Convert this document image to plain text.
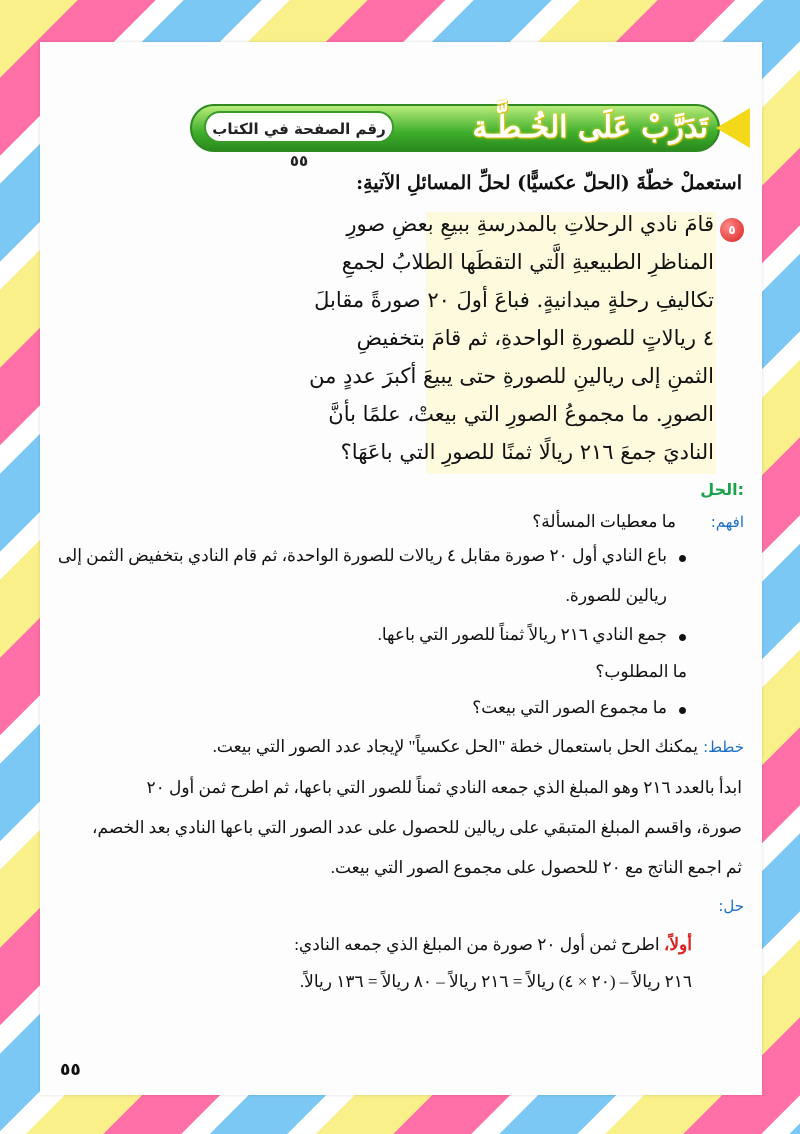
تَدَرَّبْ عَلَى الخُـطَّـة
رقم الصفحة في الكتاب ٥٥
استعملْ خطّةَ (الحلّ عكسيًّا) لحلِّ المسائلِ الآتيةِ:
٥
قامَ نادي الرحلاتِ بالمدرسةِ ببيعِ بعضِ صورِ
المناظرِ الطبيعيةِ الَّتي التقطَها الطلابُ لجمعِ
تكاليفِ رحلةٍ ميدانيةٍ. فباعَ أولَ ٢٠ صورةً مقابلَ
٤ ريالاتٍ للصورةِ الواحدةِ، ثم قامَ بتخفيضِ
الثمنِ إلى ريالينِ للصورةِ حتى يبيعَ أكبرَ عددٍ من
الصورِ. ما مجموعُ الصورِ التي بيعتْ، علمًا بأنَّ
الناديَ جمعَ ٢١٦ ريالًا ثمنًا للصورِ التي باعَهَا؟
الحل:
افهم:
ما معطيات المسألة؟
باع النادي أول ٢٠ صورة مقابل ٤ ريالات للصورة الواحدة، ثم قام النادي بتخفيض الثمن إلى
ريالين للصورة.
جمع النادي ٢١٦ ريالاً ثمناً للصور التي باعها.
ما المطلوب؟
ما مجموع الصور التي بيعت؟
خطط:
يمكنك الحل باستعمال خطة "الحل عكسياً" لإيجاد عدد الصور التي بيعت.
ابدأ بالعدد ٢١٦ وهو المبلغ الذي جمعه النادي ثمناً للصور التي باعها، ثم اطرح ثمن أول ٢٠
صورة، واقسم المبلغ المتبقي على ريالين للحصول على عدد الصور التي باعها النادي بعد الخصم،
ثم اجمع الناتج مع ٢٠ للحصول على مجموع الصور التي بيعت.
حل:
أولاً، اطرح ثمن أول ٢٠ صورة من المبلغ الذي جمعه النادي:
٢١٦ ريالاً – (٢٠ × ٤) ريالاً = ٢١٦ ريالاً – ٨٠ ريالاً = ١٣٦ ريالاً.
٥٥
